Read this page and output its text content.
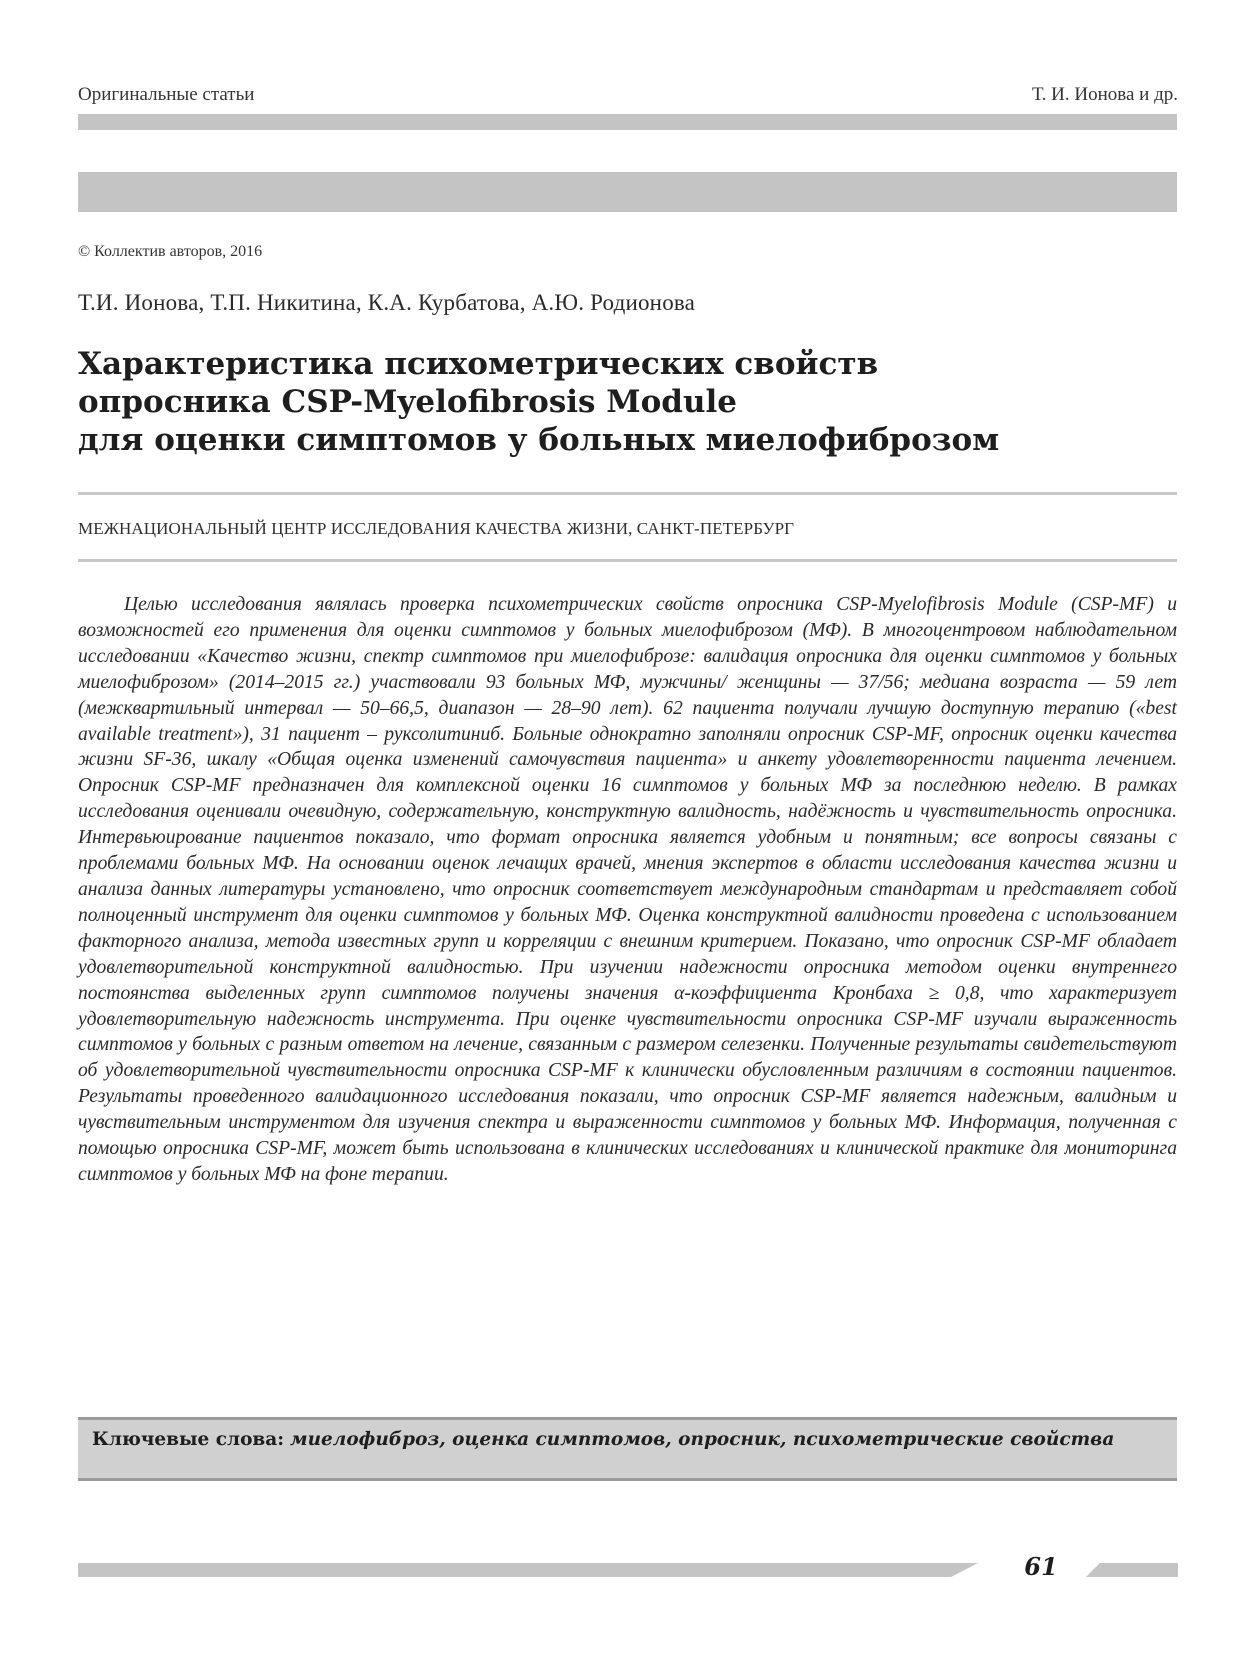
Оригинальные статьи	Т. И. Ионова и др.
© Коллектив авторов, 2016
Т.И. Ионова, Т.П. Никитина, К.А. Курбатова, А.Ю. Родионова
Характеристика психометрических свойств
опросника CSP-Myelofibrosis Module
для оценки симптомов у больных миелофиброзом
МЕЖНАЦИОНАЛЬНЫЙ ЦЕНТР ИССЛЕДОВАНИЯ КАЧЕСТВА ЖИЗНИ, САНКТ-ПЕТЕРБУРГ

Целью исследования являлась проверка психометрических свойств опросника CSP-Myelofibrosis Module (CSP-MF) и возможностей его применения для оценки симптомов у больных миелофиброзом (МФ). В многоцентровом наблюдательном исследовании «Качество жизни, спектр симптомов при миелофиброзе: валидация опросника для оценки симптомов у больных миелофиброзом» (2014–2015 гг.) участвовали 93 больных МФ, мужчины/ женщины — 37/56; медиана возраста — 59 лет (межквартильный интервал — 50–66,5, диапазон — 28–90 лет). 62 пациента получали лучшую доступную терапию («best available treatment»), 31 пациент – руксолитиниб. Больные однократно заполняли опросник CSP-MF, опросник оценки качества жизни SF-36, шкалу «Общая оценка изменений самочувствия пациента» и анкету удовлетворенности пациента лечением. Опросник CSP-MF предназначен для комплексной оценки 16 симптомов у больных МФ за последнюю неделю. В рамках исследования оценивали очевидную, содержательную, конструктную валидность, надёжность и чувствительность опросника. Интервьюирование пациентов показало, что формат опросника является удобным и понятным; все вопросы связаны с проблемами больных МФ. На основании оценок лечащих врачей, мнения экспертов в области исследования качества жизни и анализа данных литературы установлено, что опросник соответствует международным стандартам и представляет собой полноценный инструмент для оценки симптомов у больных МФ. Оценка конструктной валидности проведена с использованием факторного анализа, метода известных групп и корреляции с внешним критерием. Показано, что опросник CSP-MF обладает удовлетворительной конструктной валидностью. При изучении надежности опросника методом оценки внутреннего постоянства выделенных групп симптомов получены значения α-коэффициента Кронбаха ≥ 0,8, что характеризует удовлетворительную надежность инструмента. При оценке чувствительности опросника CSP-MF изучали выраженность симптомов у больных с разным ответом на лечение, связанным с размером селезенки. Полученные результаты свидетельствуют об удовлетворительной чувствительности опросника CSP-MF к клинически обусловленным различиям в состоянии пациентов. Результаты проведенного валидационного исследования показали, что опросник CSP-MF является надежным, валидным и чувствительным инструментом для изучения спектра и выраженности симптомов у больных МФ. Информация, полученная с помощью опросника CSP-MF, может быть использована в клинических исследованиях и клинической практике для мониторинга симптомов у больных МФ на фоне терапии.

Ключевые слова: миелофиброз, оценка симптомов, опросник, психометрические свойства
61
